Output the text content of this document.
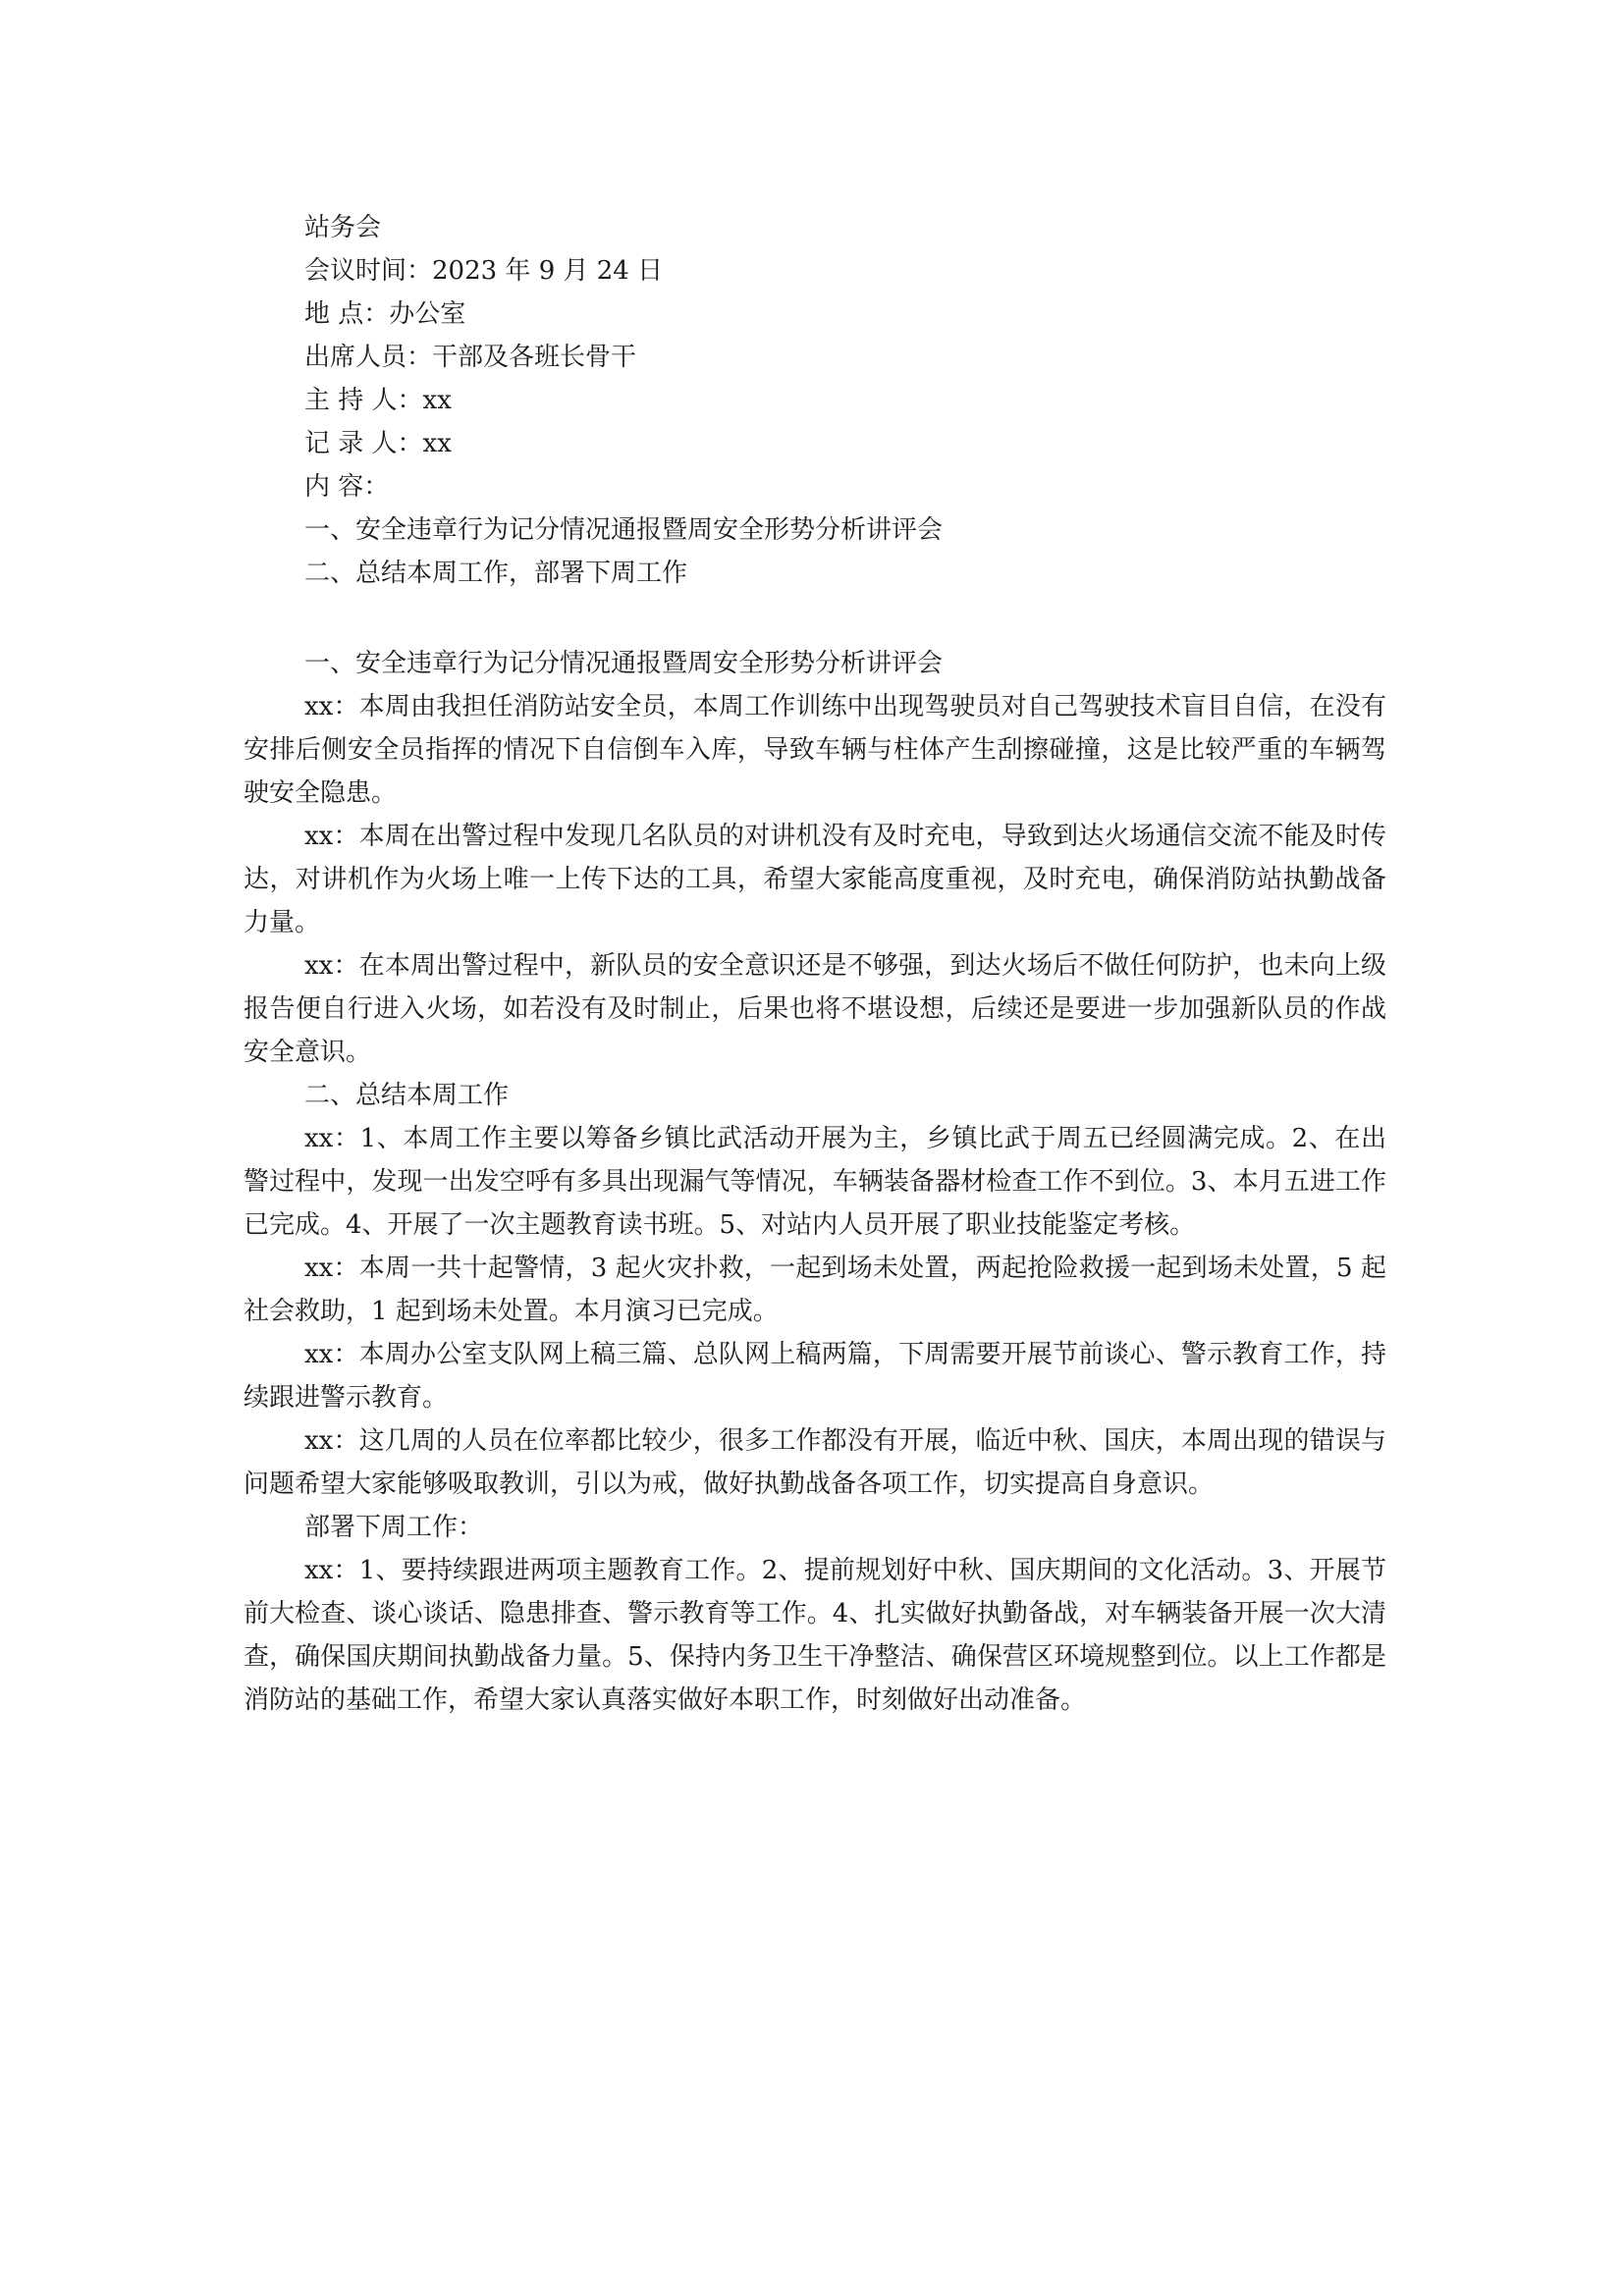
站务会

会议时间：2023 年 9 月 24 日

地 点：办公室

出席人员：干部及各班长骨干

主 持 人：xx

记 录 人：xx

内 容：

一、安全违章行为记分情况通报暨周安全形势分析讲评会

二、总结本周工作，部署下周工作

一、安全违章行为记分情况通报暨周安全形势分析讲评会

xx：本周由我担任消防站安全员，本周工作训练中出现驾驶员对自己驾驶技术盲目自信，在没有安排后侧安全员指挥的情况下自信倒车入库，导致车辆与柱体产生刮擦碰撞，这是比较严重的车辆驾驶安全隐患。

xx：本周在出警过程中发现几名队员的对讲机没有及时充电，导致到达火场通信交流不能及时传达，对讲机作为火场上唯一上传下达的工具，希望大家能高度重视，及时充电，确保消防站执勤战备力量。

xx：在本周出警过程中，新队员的安全意识还是不够强，到达火场后不做任何防护，也未向上级报告便自行进入火场，如若没有及时制止，后果也将不堪设想，后续还是要进一步加强新队员的作战安全意识。

二、总结本周工作

xx：1、本周工作主要以筹备乡镇比武活动开展为主，乡镇比武于周五已经圆满完成。2、在出警过程中，发现一出发空呼有多具出现漏气等情况，车辆装备器材检查工作不到位。3、本月五进工作已完成。4、开展了一次主题教育读书班。5、对站内人员开展了职业技能鉴定考核。

xx：本周一共十起警情，3 起火灾扑救，一起到场未处置，两起抢险救援一起到场未处置，5 起社会救助，1 起到场未处置。本月演习已完成。

xx：本周办公室支队网上稿三篇、总队网上稿两篇，下周需要开展节前谈心、警示教育工作，持续跟进警示教育。

xx：这几周的人员在位率都比较少，很多工作都没有开展，临近中秋、国庆，本周出现的错误与问题希望大家能够吸取教训，引以为戒，做好执勤战备各项工作，切实提高自身意识。

部署下周工作：

xx：1、要持续跟进两项主题教育工作。2、提前规划好中秋、国庆期间的文化活动。3、开展节前大检查、谈心谈话、隐患排查、警示教育等工作。4、扎实做好执勤备战，对车辆装备开展一次大清查，确保国庆期间执勤战备力量。5、保持内务卫生干净整洁、确保营区环境规整到位。以上工作都是消防站的基础工作，希望大家认真落实做好本职工作，时刻做好出动准备。
